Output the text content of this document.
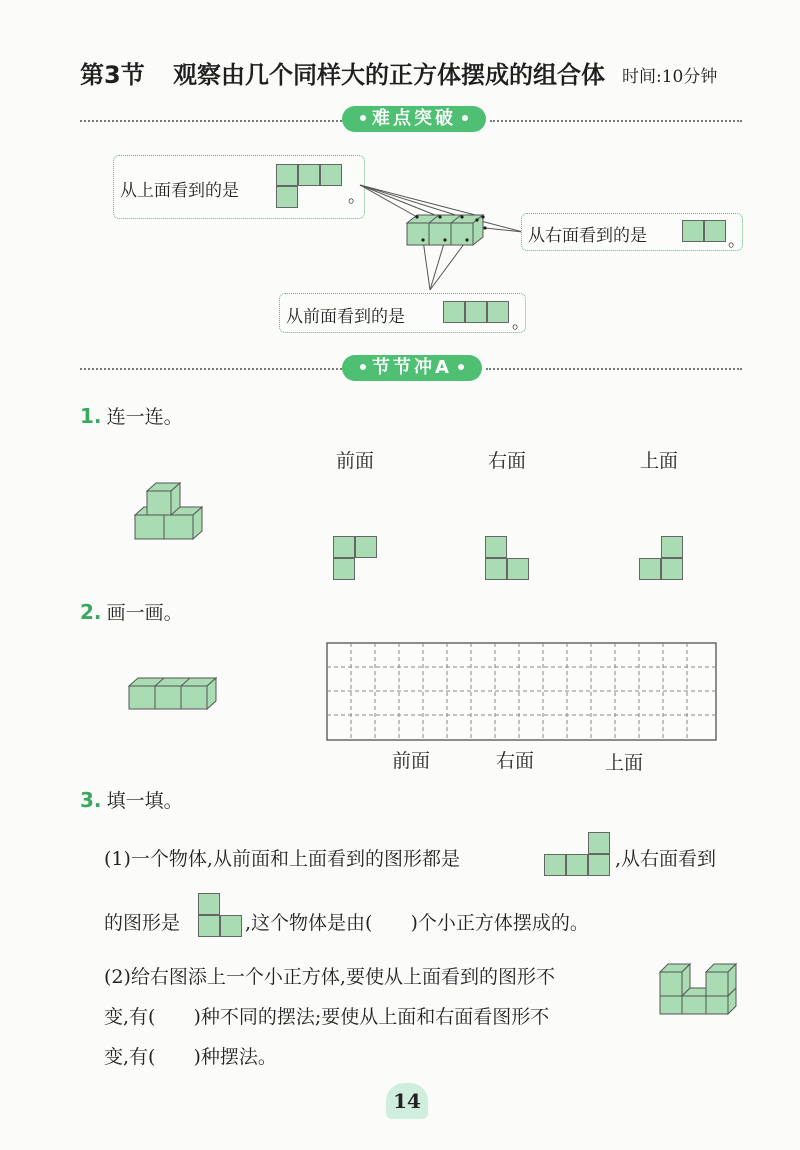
第3节 观察由几个同样大的正方体摆成的组合体 时间:10分钟
难点突破
从上面看到的是	。
从右面看到的是	。
从前面看到的是	。
节节冲A
1. 连一连。
前面	右面	上面
2. 画一画。
前面	右面	上面
3. 填一填。
(1)一个物体,从前面和上面看到的图形都是	,从右面看到
的图形是	,这个物体是由(　　)个小正方体摆成的。
(2)给右图添上一个小正方体,要使从上面看到的图形不
变,有(　　)种不同的摆法;要使从上面和右面看图形不
变,有(　　)种摆法。
14
